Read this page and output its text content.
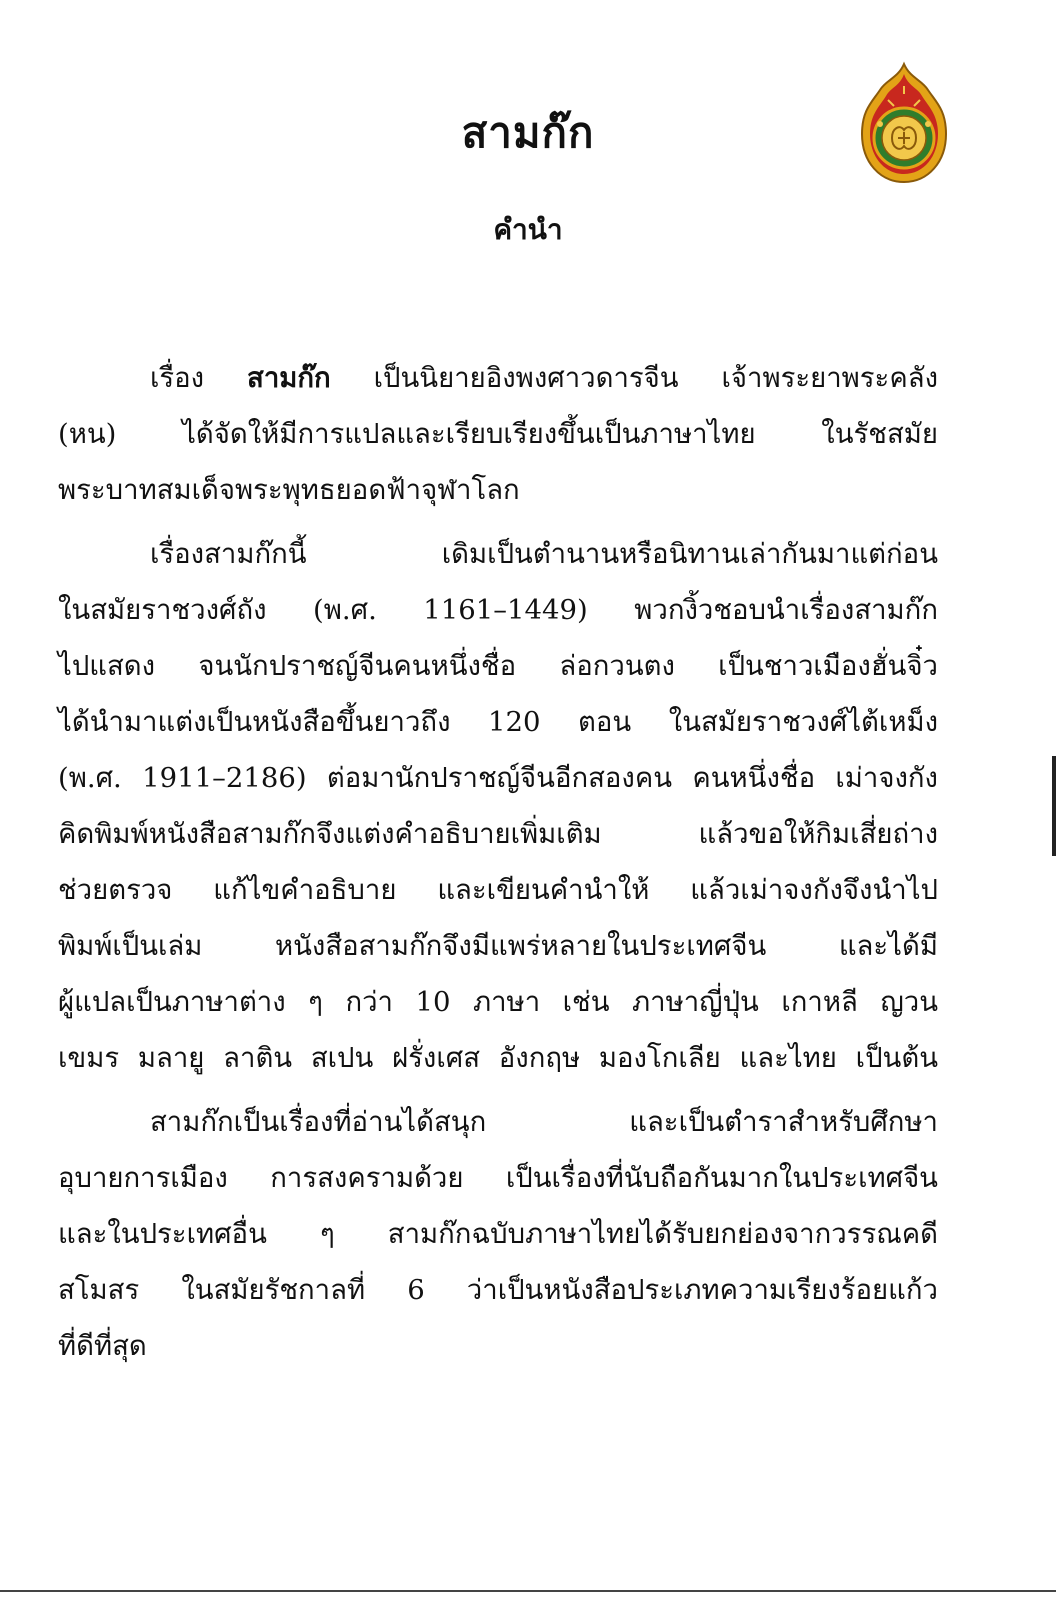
สามก๊ก
คำนำ

เรื่อง สามก๊ก เป็นนิยายอิงพงศาวดารจีน เจ้าพระยาพระคลัง
(หน) ได้จัดให้มีการแปลและเรียบเรียงขึ้นเป็นภาษาไทย ในรัชสมัย
พระบาทสมเด็จพระพุทธยอดฟ้าจุฬาโลก

เรื่องสามก๊กนี้ เดิมเป็นตำนานหรือนิทานเล่ากันมาแต่ก่อน
ในสมัยราชวงศ์ถัง (พ.ศ. 1161–1449) พวกงิ้วชอบนำเรื่องสามก๊ก
ไปแสดง จนนักปราชญ์จีนคนหนึ่งชื่อ ล่อกวนตง เป็นชาวเมืองฮั่นจิ๋ว
ได้นำมาแต่งเป็นหนังสือขึ้นยาวถึง 120 ตอน ในสมัยราชวงศ์ไต้เหม็ง
(พ.ศ. 1911–2186) ต่อมานักปราชญ์จีนอีกสองคน คนหนึ่งชื่อ เม่าจงกัง
คิดพิมพ์หนังสือสามก๊กจึงแต่งคำอธิบายเพิ่มเติม แล้วขอให้กิมเสี่ยถ่าง
ช่วยตรวจ แก้ไขคำอธิบาย และเขียนคำนำให้ แล้วเม่าจงกังจึงนำไป
พิมพ์เป็นเล่ม หนังสือสามก๊กจึงมีแพร่หลายในประเทศจีน และได้มี
ผู้แปลเป็นภาษาต่าง ๆ กว่า 10 ภาษา เช่น ภาษาญี่ปุ่น เกาหลี ญวน
เขมร มลายู ลาติน สเปน ฝรั่งเศส อังกฤษ มองโกเลีย และไทย เป็นต้น

สามก๊กเป็นเรื่องที่อ่านได้สนุก และเป็นตำราสำหรับศึกษา
อุบายการเมือง การสงครามด้วย เป็นเรื่องที่นับถือกันมากในประเทศจีน
และในประเทศอื่น ๆ สามก๊กฉบับภาษาไทยได้รับยกย่องจากวรรณคดี
สโมสร ในสมัยรัชกาลที่ 6 ว่าเป็นหนังสือประเภทความเรียงร้อยแก้ว
ที่ดีที่สุด
